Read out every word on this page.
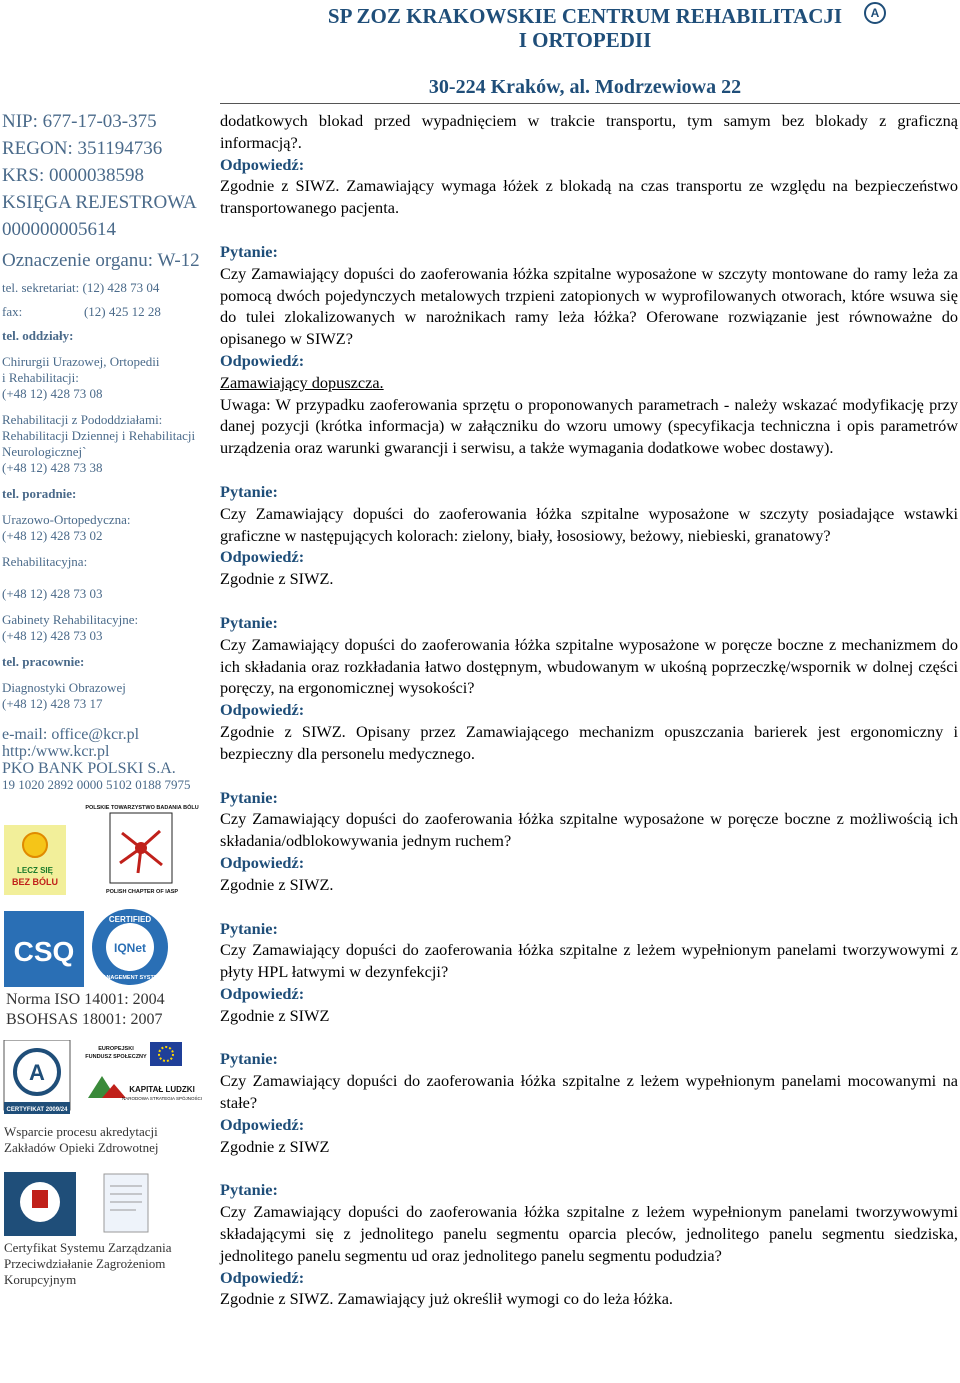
SP ZOZ KRAKOWSKIE CENTRUM REHABILITACJI
I ORTOPEDII
A
30-224 Kraków, al. Modrzewiowa 22
NIP: 677-17-03-375
REGON: 351194736
KRS: 0000038598
KSIĘGA REJESTROWA
000000005614
Oznaczenie organu: W-12
tel. sekretariat: (12) 428 73 04
fax:                   (12) 425 12 28
tel. oddziały:
Chirurgii Urazowej, Ortopedii
i Rehabilitacji:
(+48 12) 428 73 08
Rehabilitacji z Pododdziałami:
Rehabilitacji Dziennej i Rehabilitacji
Neurologicznej`
(+48 12) 428 73 38
tel. poradnie:
Urazowo-Ortopedyczna:
(+48 12) 428 73 02
Rehabilitacyjna:
(+48 12) 428 73 03
Gabinety Rehabilitacyjne:
(+48 12) 428 73 03
tel. pracownie:
Diagnostyki Obrazowej
(+48 12) 428 73 17
e-mail: office@kcr.pl
http:/www.kcr.pl
PKO BANK POLSKI S.A.
19 1020 2892 0000 5102 0188 7975
LECZ SIĘ
BEZ BÓLU
POLSKIE TOWARZYSTWO BADANIA BÓLU
POLISH CHAPTER OF IASP
CSQ
CERTIFIED
IQNet
MANAGEMENT SYSTEM
Norma ISO 14001: 2004
BSOHSAS 18001: 2007
A
CERTYFIKAT 2009/24
EUROPEJSKI
FUNDUSZ SPOŁECZNY
KAPITAŁ LUDZKI
NARODOWA STRATEGIA SPÓJNOŚCI
Wsparcie procesu akredytacji
Zakładów Opieki Zdrowotnej
Certyfikat Systemu Zarządzania
Przeciwdziałanie Zagrożeniom
Korupcyjnym
dodatkowych blokad przed wypadnięciem w trakcie transportu, tym samym bez blokady z graficzną informacją?.
Odpowiedź:
Zgodnie z SIWZ. Zamawiający wymaga łóżek z blokadą na czas transportu ze względu na bezpieczeństwo transportowanego pacjenta.
Pytanie:
Czy Zamawiający dopuści do zaoferowania łóżka szpitalne wyposażone w szczyty montowane do ramy leża za pomocą dwóch pojedynczych metalowych trzpieni zatopionych w wyprofilowanych otworach, które wsuwa się do tulei zlokalizowanych w narożnikach ramy leża łóżka? Oferowane rozwiązanie jest równoważne do opisanego w SIWZ?
Odpowiedź:
Zamawiający dopuszcza.
Uwaga: W przypadku zaoferowania sprzętu o proponowanych parametrach - należy wskazać modyfikację przy danej pozycji (krótka informacja) w załączniku do wzoru umowy (specyfikacja techniczna i opis parametrów urządzenia oraz warunki gwarancji i serwisu, a także wymagania dodatkowe wobec dostawy).
Pytanie:
Czy Zamawiający dopuści do zaoferowania łóżka szpitalne wyposażone w szczyty posiadające wstawki graficzne w następujących kolorach: zielony, biały, łososiowy, beżowy, niebieski, granatowy?
Odpowiedź:
Zgodnie z SIWZ.
Pytanie:
Czy Zamawiający dopuści do zaoferowania łóżka szpitalne wyposażone w poręcze boczne z mechanizmem do ich składania oraz rozkładania łatwo dostępnym, wbudowanym w ukośną poprzeczkę/wspornik w dolnej części poręczy, na ergonomicznej wysokości?
Odpowiedź:
Zgodnie z SIWZ. Opisany przez Zamawiającego mechanizm opuszczania barierek jest ergonomiczny i bezpieczny dla personelu medycznego.
Pytanie:
Czy Zamawiający dopuści do zaoferowania łóżka szpitalne wyposażone w poręcze boczne z możliwością ich składania/odblokowywania jednym ruchem?
Odpowiedź:
Zgodnie z SIWZ.
Pytanie:
Czy Zamawiający dopuści do zaoferowania łóżka szpitalne z leżem wypełnionym panelami tworzywowymi z płyty HPL łatwymi w dezynfekcji?
Odpowiedź:
Zgodnie z SIWZ
Pytanie:
Czy Zamawiający dopuści do zaoferowania łóżka szpitalne z leżem wypełnionym panelami mocowanymi na stałe?
Odpowiedź:
Zgodnie z SIWZ
Pytanie:
Czy Zamawiający dopuści do zaoferowania łóżka szpitalne z leżem wypełnionym panelami tworzywowymi składającymi się z jednolitego panelu segmentu oparcia pleców, jednolitego panelu segmentu siedziska, jednolitego panelu segmentu ud oraz jednolitego panelu segmentu podudzia?
Odpowiedź:
Zgodnie z SIWZ. Zamawiający już określił wymogi co do leża łóżka.
